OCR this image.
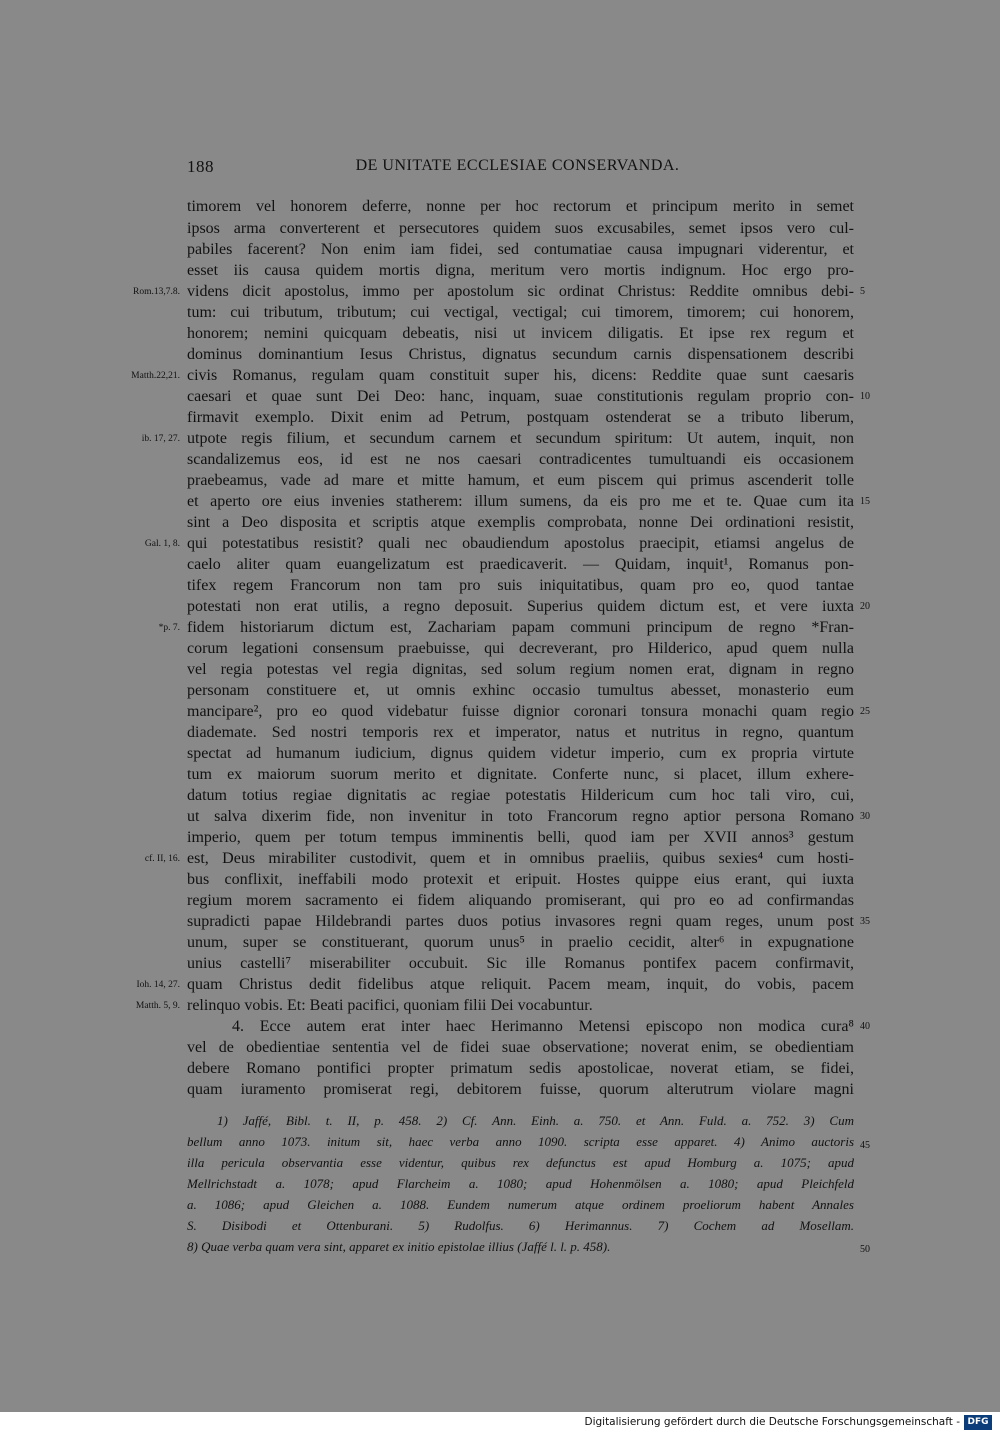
188	DE UNITATE ECCLESIAE CONSERVANDA.
timorem vel honorem deferre, nonne per hoc rectorum et principum merito in semet
ipsos arma converterent et persecutores quidem suos excusabiles, semet ipsos vero cul-
pabiles facerent? Non enim iam fidei, sed contumatiae causa impugnari viderentur, et
esset iis causa quidem mortis digna, meritum vero mortis indignum. Hoc ergo pro-
videns dicit apostolus, immo per apostolum sic ordinat Christus: Reddite omnibus debi-
tum: cui tributum, tributum; cui vectigal, vectigal; cui timorem, timorem; cui honorem,
honorem; nemini quicquam debeatis, nisi ut invicem diligatis. Et ipse rex regum et
dominus dominantium Iesus Christus, dignatus secundum carnis dispensationem describi
civis Romanus, regulam quam constituit super his, dicens: Reddite quae sunt caesaris
caesari et quae sunt Dei Deo: hanc, inquam, suae constitutionis regulam proprio con-
firmavit exemplo. Dixit enim ad Petrum, postquam ostenderat se a tributo liberum,
utpote regis filium, et secundum carnem et secundum spiritum: Ut autem, inquit, non
scandalizemus eos, id est ne nos caesari contradicentes tumultuandi eis occasionem
praebeamus, vade ad mare et mitte hamum, et eum piscem qui primus ascenderit tolle
et aperto ore eius invenies statherem: illum sumens, da eis pro me et te. Quae cum ita
sint a Deo disposita et scriptis atque exemplis comprobata, nonne Dei ordinationi resistit,
qui potestatibus resistit? quali nec obaudiendum apostolus praecipit, etiamsi angelus de
caelo aliter quam euangelizatum est praedicaverit. — Quidam, inquit¹, Romanus pon-
tifex regem Francorum non tam pro suis iniquitatibus, quam pro eo, quod tantae
potestati non erat utilis, a regno deposuit. Superius quidem dictum est, et vere iuxta
fidem historiarum dictum est, Zachariam papam communi principum de regno *Fran-
corum legationi consensum praebuisse, qui decreverant, pro Hilderico, apud quem nulla
vel regia potestas vel regia dignitas, sed solum regium nomen erat, dignam in regno
personam constituere et, ut omnis exhinc occasio tumultus abesset, monasterio eum
mancipare², pro eo quod videbatur fuisse dignior coronari tonsura monachi quam regio
diademate. Sed nostri temporis rex et imperator, natus et nutritus in regno, quantum
spectat ad humanum iudicium, dignus quidem videtur imperio, cum ex propria virtute
tum ex maiorum suorum merito et dignitate. Conferte nunc, si placet, illum exhere-
datum totius regiae dignitatis ac regiae potestatis Hildericum cum hoc tali viro, cui,
ut salva dixerim fide, non invenitur in toto Francorum regno aptior persona Romano
imperio, quem per totum tempus imminentis belli, quod iam per XVII annos³ gestum
est, Deus mirabiliter custodivit, quem et in omnibus praeliis, quibus sexies⁴ cum hosti-
bus conflixit, ineffabili modo protexit et eripuit. Hostes quippe eius erant, qui iuxta
regium morem sacramento ei fidem aliquando promiserant, qui pro eo ad confirmandas
supradicti papae Hildebrandi partes duos potius invasores regni quam reges, unum post
unum, super se constituerant, quorum unus⁵ in praelio cecidit, alter⁶ in expugnatione
unius castelli⁷ miserabiliter occubuit. Sic ille Romanus pontifex pacem confirmavit,
quam Christus dedit fidelibus atque reliquit. Pacem meam, inquit, do vobis, pacem
relinquo vobis. Et: Beati pacifici, quoniam filii Dei vocabuntur.
4. Ecce autem erat inter haec Herimanno Metensi episcopo non modica cura⁸
vel de obedientiae sententia vel de fidei suae observatione; noverat enim, se obedientiam
debere Romano pontifici propter primatum sedis apostolicae, noverat etiam, se fidei,
quam iuramento promiserat regi, debitorem fuisse, quorum alterutrum violare magni
Rom.13,7.8.
Matth.22,21.
ib. 17, 27.
Gal. 1, 8.
*p. 7.
cf. II, 16.
Ioh. 14, 27.
Matth. 5, 9.
5
10
15
20
25
30
35
40
45
50
1) Jaffé, Bibl. t. II, p. 458. 2) Cf. Ann. Einh. a. 750. et Ann. Fuld. a. 752. 3) Cum
bellum anno 1073. initum sit, haec verba anno 1090. scripta esse apparet. 4) Animo auctoris
illa pericula observantia esse videntur, quibus rex defunctus est apud Homburg a. 1075; apud
Mellrichstadt a. 1078; apud Flarcheim a. 1080; apud Hohenmölsen a. 1080; apud Pleichfeld
a. 1086; apud Gleichen a. 1088. Eundem numerum atque ordinem proeliorum habent Annales
S. Disibodi et Ottenburani. 5) Rudolfus. 6) Herimannus. 7) Cochem ad Mosellam.
8) Quae verba quam vera sint, apparet ex initio epistolae illius (Jaffé l. l. p. 458).
Digitalisierung gefördert durch die Deutsche Forschungsgemeinschaft - DFG
